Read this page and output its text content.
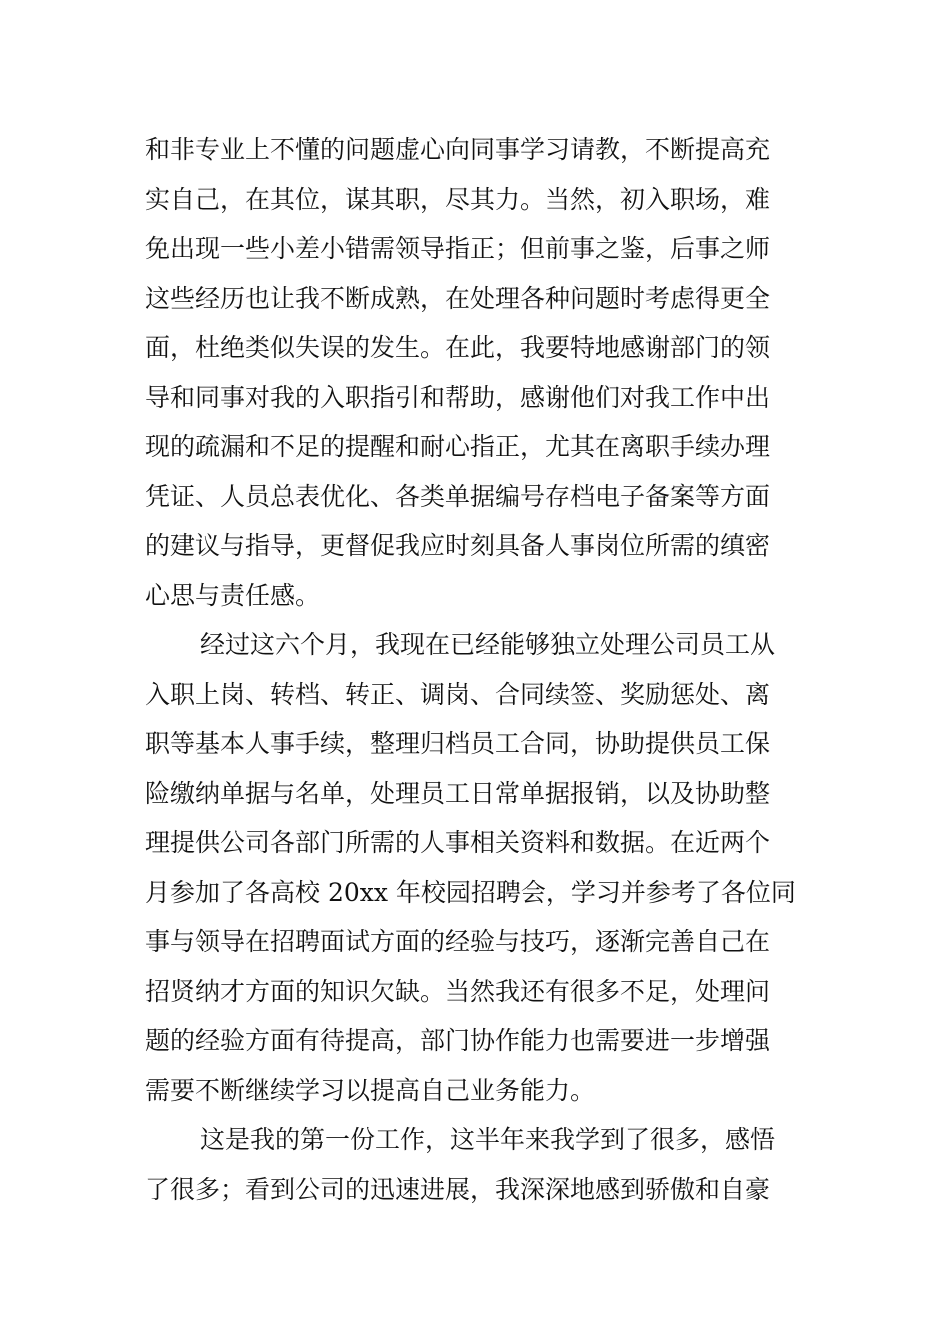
和非专业上不懂的问题虚心向同事学习请教，不断提高充
实自己，在其位，谋其职，尽其力。当然，初入职场，难
免出现一些小差小错需领导指正；但前事之鉴，后事之师
这些经历也让我不断成熟，在处理各种问题时考虑得更全
面，杜绝类似失误的发生。在此，我要特地感谢部门的领
导和同事对我的入职指引和帮助，感谢他们对我工作中出
现的疏漏和不足的提醒和耐心指正，尤其在离职手续办理
凭证、人员总表优化、各类单据编号存档电子备案等方面
的建议与指导，更督促我应时刻具备人事岗位所需的缜密
心思与责任感。
经过这六个月，我现在已经能够独立处理公司员工从
入职上岗、转档、转正、调岗、合同续签、奖励惩处、离
职等基本人事手续，整理归档员工合同，协助提供员工保
险缴纳单据与名单，处理员工日常单据报销，以及协助整
理提供公司各部门所需的人事相关资料和数据。在近两个
月参加了各高校 20xx 年校园招聘会，学习并参考了各位同
事与领导在招聘面试方面的经验与技巧，逐渐完善自己在
招贤纳才方面的知识欠缺。当然我还有很多不足，处理问
题的经验方面有待提高，部门协作能力也需要进一步增强
需要不断继续学习以提高自己业务能力。
这是我的第一份工作，这半年来我学到了很多，感悟
了很多；看到公司的迅速进展，我深深地感到骄傲和自豪
